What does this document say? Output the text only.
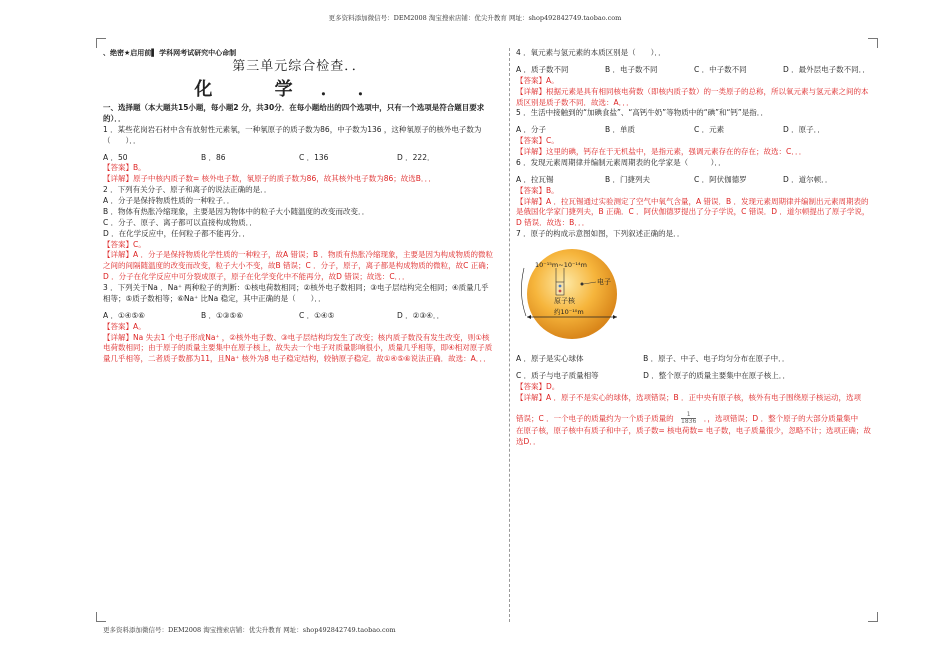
更多资料添加微信号：DEM2008 淘宝搜索店铺：优尖升教育 网址：shop492842749.taobao.com

、绝密★启用前▌ 学科网考试研究中心命制

第三单元综合检查．．

化 学．．

一、选择题（本大题共15小题，每小题2 分，共30分．在每小题给出的四个选项中，只有一个选项是符合题目要求的）．．

1 ．某些花岗岩石材中含有放射性元素氡，一种氡原子的质子数为86，中子数为136 ，这种氡原子的核外电子数为（　　）．．

A ．50	B ．86	C ．136	D ．222．

【答案】B。

【详解】原子中核内质子数= 核外电子数，氡原子的质子数为86，故其核外电子数为86；故选B．．．

2 ．下列有关分子、原子和离子的说法正确的是．．

A ．分子是保持物质性质的一种粒子．．

B ．物体有热胀冷缩现象，主要是因为物体中的粒子大小随温度的改变而改变．．

C ．分子、原子、离子都可以直接构成物质．．

D ．在化学反应中，任何粒子都不能再分．．

【答案】C。

【详解】A ．分子是保持物质化学性质的一种粒子，故A 错误；B ．物质有热胀冷缩现象，主要是因为构成物质的微粒之间的间隔随温度的改变而改变，粒子大小不变，故B 错误；C ．分子，原子，离子都是构成物质的微粒，故C 正确；D ．分子在化学反应中可分裂成原子，原子在化学变化中不能再分，故D 错误；故选：C．．．

3 ．下列关于Na ．Na⁺ 两种粒子的判断：①核电荷数相同；②核外电子数相同；③电子层结构完全相同；④质量几乎相等；⑤质子数相等；⑥Na⁺ 比Na 稳定，其中正确的是（　　）．．

A ．①④⑤⑥	B ．①③⑤⑥	C ．①④⑤	D ．②③④．．

【答案】A。

【详解】Na 失去1 个电子形成Na⁺ ，②核外电子数、③电子层结构均发生了改变；核内质子数没有发生改变，则①核电荷数相同；由于原子的质量主要集中在原子核上，故失去一个电子对质量影响很小，质量几乎相等，即④相对原子质量几乎相等，二者质子数都为11，且Na⁺ 核外为8 电子稳定结构，较钠原子稳定．故①④⑤⑥说法正确．故选：A．．．

4 ．氧元素与氢元素的本质区别是（　　）．．

A ．质子数不同	B ．电子数不同	C ．中子数不同	D ．最外层电子数不同．．

【答案】A。

【详解】根据元素是具有相同核电荷数（即核内质子数）的一类原子的总称，所以氧元素与氢元素之间的本质区别是质子数不同．故选：A．．．

5 ．生活中接触到的“加碘食盐”、“高钙牛奶”等物质中的“碘”和“钙”是指．．

A ．分子	B ．单质	C ．元素	D ．原子．．

【答案】C。

【详解】这里的碘，钙存在于无机盐中，是指元素，强调元素存在的存在；故选：C．．．

6 ．发现元素周期律并编制元素周期表的化学家是（　　　）．．

A ．拉瓦锡	B ．门捷列夫	C ．阿伏伽德罗	D ．道尔顿．．

【答案】B。

【详解】A ．拉瓦锡通过实验测定了空气中氧气含量，A 错误．B ．发现元素周期律并编制出元素周期表的是俄国化学家门捷列夫，B 正确．C ．阿伏伽德罗提出了分子学说，C 错误．D ．道尔顿提出了原子学说，D 错误．故选：B．．．

7 ．原子的构成示意图如图，下列叙述正确的是．．

10⁻¹⁵m~10⁻¹⁴m
电子
原子核
约10⁻¹⁰m
A ．原子是实心球体	B ．原子、中子、电子均匀分布在原子中．．
C ．质子与电子质量相等	D ．整个原子的质量主要集中在原子核上．．

【答案】D。

【详解】A ．原子不是实心的球体，选项错误；B ．正中央有原子核，核外有电子围绕原子核运动，选项

错误；C ．一个电子的质量约为一个质子质量的 $\frac{1}{1836}$ ．，选项错误；D ．整个原子的大部分质量集中

在原子核，原子核中有质子和中子，质子数= 核电荷数= 电子数，电子质量很少，忽略不计；选项正确；故选D．．

更多资料添加微信号：DEM2008 淘宝搜索店铺：优尖升教育 网址：shop492842749.taobao.com
